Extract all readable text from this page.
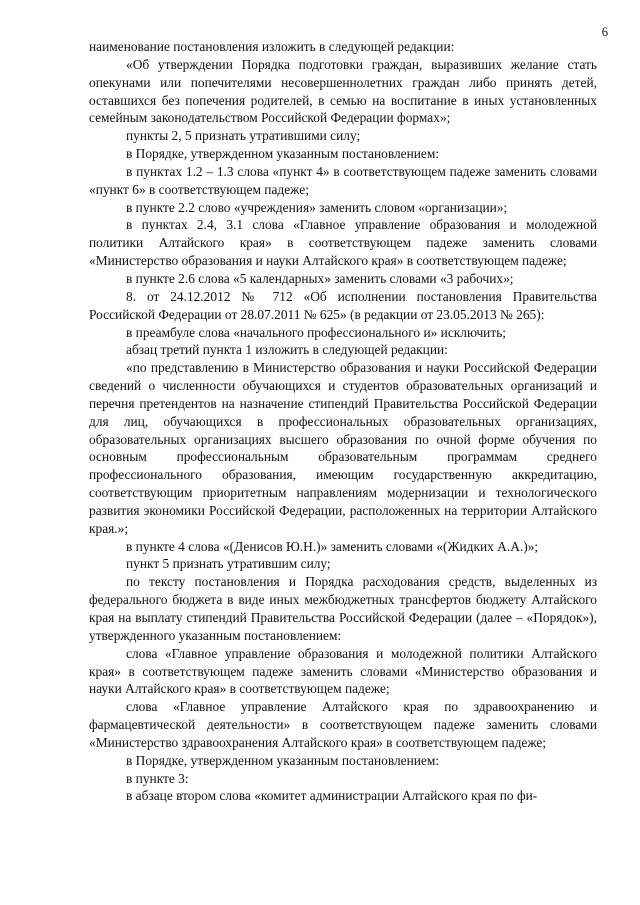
6

наименование постановления изложить в следующей редакции:

«Об утверждении Порядка подготовки граждан, выразивших желание стать опекунами или попечителями несовершеннолетних граждан либо принять детей, оставшихся без попечения родителей, в семью на воспитание в иных установленных семейным законодательством Российской Федерации формах»;

пункты 2, 5 признать утратившими силу;

в Порядке, утвержденном указанным постановлением:

в пунктах 1.2 – 1.3 слова «пункт 4» в соответствующем падеже заменить словами «пункт 6» в соответствующем падеже;

в пункте 2.2 слово «учреждения» заменить словом «организации»;

в пунктах 2.4, 3.1 слова «Главное управление образования и молодежной политики Алтайского края» в соответствующем падеже заменить словами «Министерство образования и науки Алтайского края» в соответствующем падеже;

в пункте 2.6 слова «5 календарных» заменить словами «3 рабочих»;

8. от 24.12.2012 № 712 «Об исполнении постановления Правительства Российской Федерации от 28.07.2011 № 625» (в редакции от 23.05.2013 № 265):

в преамбуле слова «начального профессионального и» исключить;

абзац третий пункта 1 изложить в следующей редакции:

«по представлению в Министерство образования и науки Российской Федерации сведений о численности обучающихся и студентов образовательных организаций и перечня претендентов на назначение стипендий Правительства Российской Федерации для лиц, обучающихся в профессиональных образовательных организациях, образовательных организациях высшего образования по очной форме обучения по основным профессиональным образовательным программам среднего профессионального образования, имеющим государственную аккредитацию, соответствующим приоритетным направлениям модернизации и технологического развития экономики Российской Федерации, расположенных на территории Алтайского края.»;

в пункте 4 слова «(Денисов Ю.Н.)» заменить словами «(Жидких А.А.)»;

пункт 5 признать утратившим силу;

по тексту постановления и Порядка расходования средств, выделенных из федерального бюджета в виде иных межбюджетных трансфертов бюджету Алтайского края на выплату стипендий Правительства Российской Федерации (далее – «Порядок»), утвержденного указанным постановлением:

слова «Главное управление образования и молодежной политики Алтайского края» в соответствующем падеже заменить словами «Министерство образования и науки Алтайского края» в соответствующем падеже;

слова «Главное управление Алтайского края по здравоохранению и фармацевтической деятельности» в соответствующем падеже заменить словами «Министерство здравоохранения Алтайского края» в соответствующем падеже;

в Порядке, утвержденном указанным постановлением:

в пункте 3:

в абзаце втором слова «комитет администрации Алтайского края по фи-
